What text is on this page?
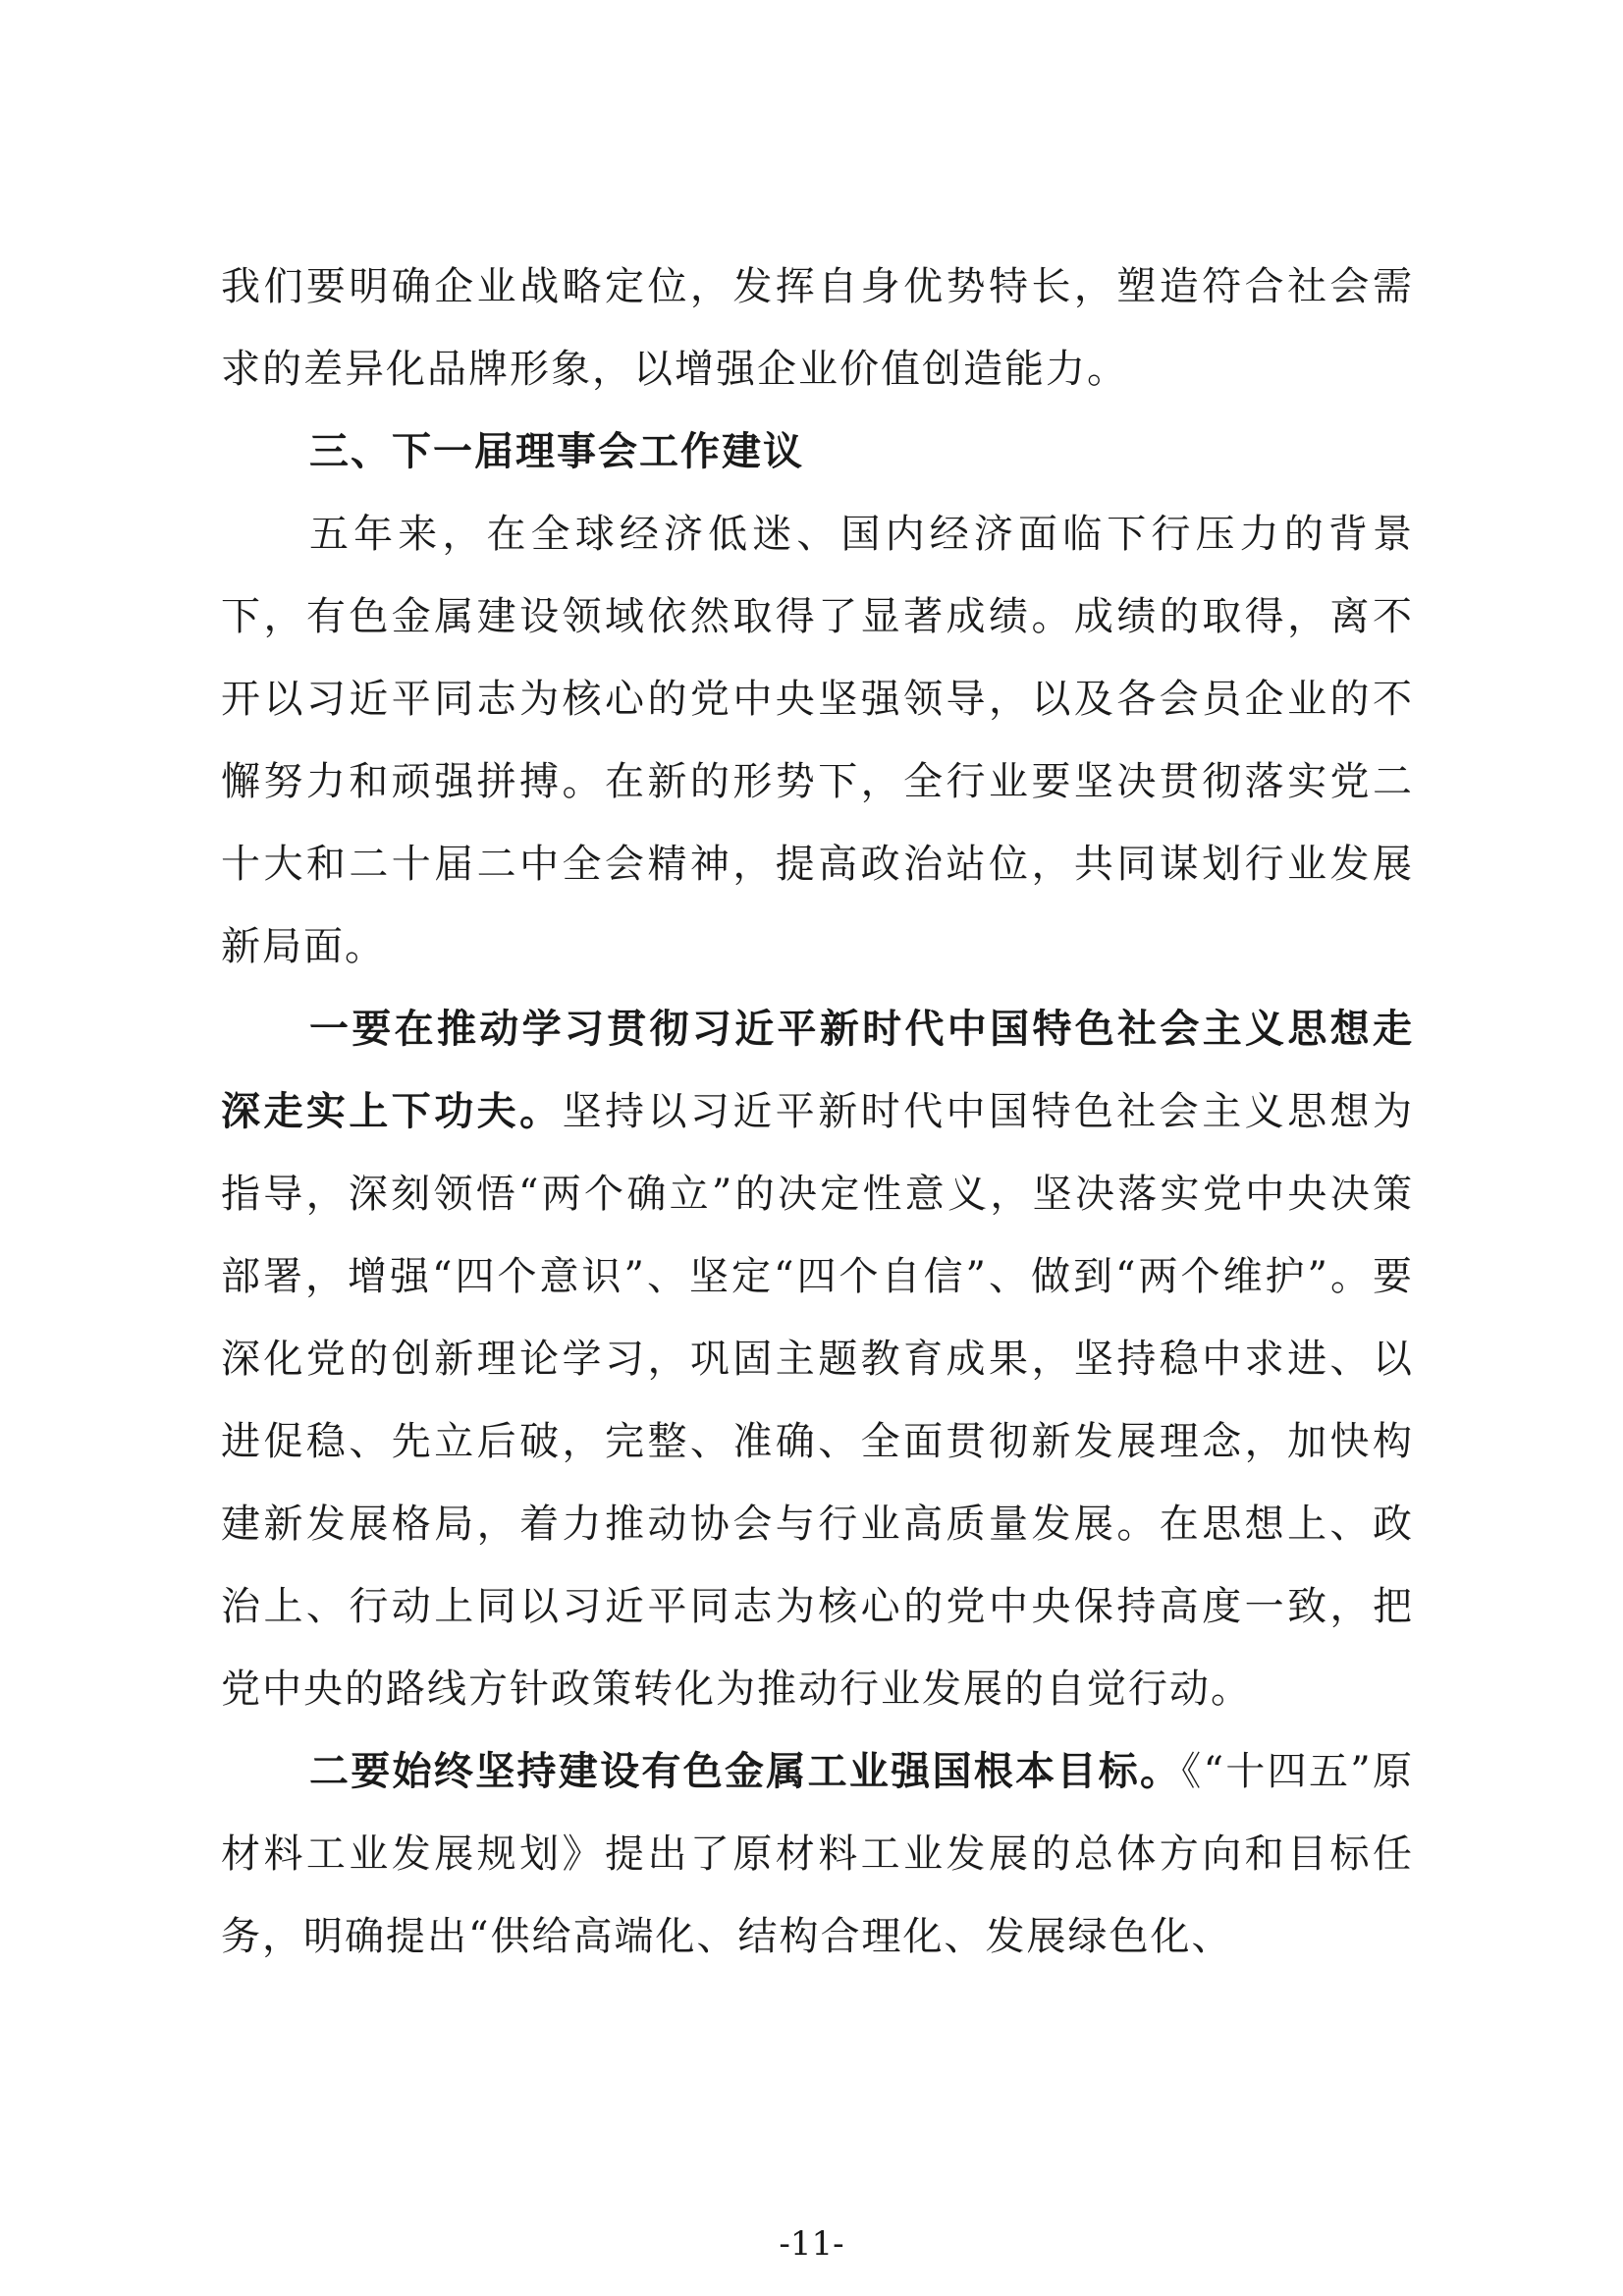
我们要明确企业战略定位，发挥自身优势特长，塑造符合社会需求的差异化品牌形象，以增强企业价值创造能力。

三、下一届理事会工作建议

五年来，在全球经济低迷、国内经济面临下行压力的背景下，有色金属建设领域依然取得了显著成绩。成绩的取得，离不开以习近平同志为核心的党中央坚强领导，以及各会员企业的不懈努力和顽强拼搏。在新的形势下，全行业要坚决贯彻落实党二十大和二十届二中全会精神，提高政治站位，共同谋划行业发展新局面。

一要在推动学习贯彻习近平新时代中国特色社会主义思想走深走实上下功夫。坚持以习近平新时代中国特色社会主义思想为指导，深刻领悟“两个确立”的决定性意义，坚决落实党中央决策部署，增强“四个意识”、坚定“四个自信”、做到“两个维护”。要深化党的创新理论学习，巩固主题教育成果，坚持稳中求进、以进促稳、先立后破，完整、准确、全面贯彻新发展理念，加快构建新发展格局，着力推动协会与行业高质量发展。在思想上、政治上、行动上同以习近平同志为核心的党中央保持高度一致，把党中央的路线方针政策转化为推动行业发展的自觉行动。

二要始终坚持建设有色金属工业强国根本目标。《“十四五”原材料工业发展规划》提出了原材料工业发展的总体方向和目标任务，明确提出“供给高端化、结构合理化、发展绿色化、

-11-
